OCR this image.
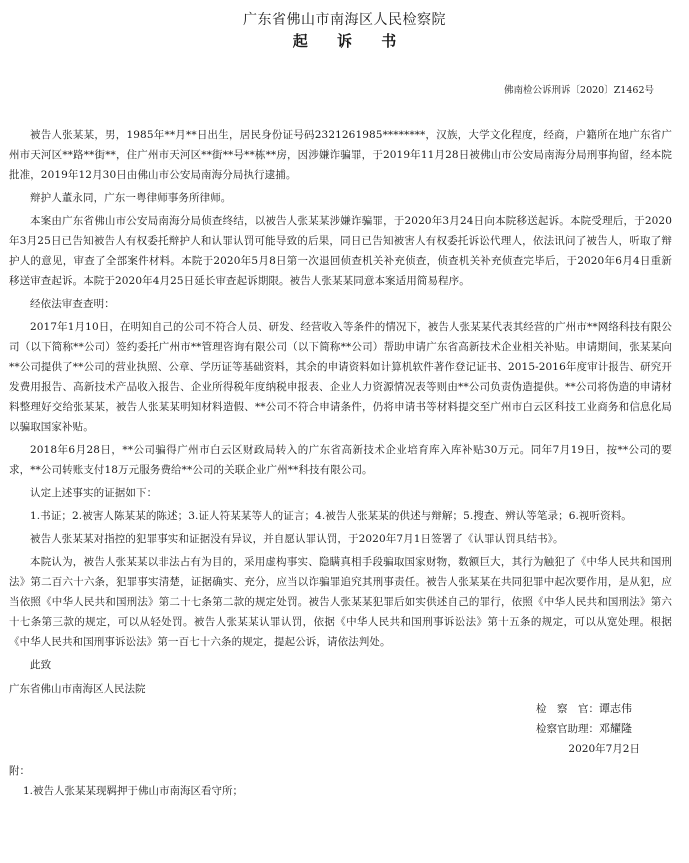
广东省佛山市南海区人民检察院
起 诉 书
佛南检公诉刑诉〔2020〕Z1462号

被告人张某某，男，1985年**月**日出生，居民身份证号码2321261985********，汉族，大学文化程度，经商，户籍所在地广东省广州市天河区**路**街**，住广州市天河区**街**号**栋**房，因涉嫌诈骗罪，于2019年11月28日被佛山市公安局南海分局刑事拘留，经本院批准，2019年12月30日由佛山市公安局南海分局执行逮捕。

辩护人董永同，广东一粤律师事务所律师。

本案由广东省佛山市公安局南海分局侦查终结，以被告人张某某涉嫌诈骗罪，于2020年3月24日向本院移送起诉。本院受理后，于2020年3月25日已告知被告人有权委托辩护人和认罪认罚可能导致的后果，同日已告知被害人有权委托诉讼代理人，依法讯问了被告人，听取了辩护人的意见，审查了全部案件材料。本院于2020年5月8日第一次退回侦查机关补充侦查，侦查机关补充侦查完毕后，于2020年6月4日重新移送审查起诉。本院于2020年4月25日延长审查起诉期限。被告人张某某同意本案适用简易程序。

经依法审查查明：

2017年1月10日，在明知自己的公司不符合人员、研发、经营收入等条件的情况下，被告人张某某代表其经营的广州市**网络科技有限公司（以下简称**公司）签约委托广州市**管理咨询有限公司（以下简称**公司）帮助申请广东省高新技术企业相关补贴。申请期间，张某某向**公司提供了**公司的营业执照、公章、学历证等基础资料，其余的申请资料如计算机软件著作登记证书、2015-2016年度审计报告、研究开发费用报告、高新技术产品收入报告、企业所得税年度纳税申报表、企业人力资源情况表等则由**公司负责伪造提供。**公司将伪造的申请材料整理好交给张某某，被告人张某某明知材料造假、**公司不符合申请条件，仍将申请书等材料提交至广州市白云区科技工业商务和信息化局以骗取国家补贴。

2018年6月28日，**公司骗得广州市白云区财政局转入的广东省高新技术企业培育库入库补贴30万元。同年7月19日，按**公司的要求，**公司转账支付18万元服务费给**公司的关联企业广州**科技有限公司。

认定上述事实的证据如下：

1.书证；2.被害人陈某某的陈述；3.证人符某某等人的证言；4.被告人张某某的供述与辩解；5.搜查、辨认等笔录；6.视听资料。

被告人张某某对指控的犯罪事实和证据没有异议，并自愿认罪认罚，于2020年7月1日签署了《认罪认罚具结书》。

本院认为，被告人张某某以非法占有为目的，采用虚构事实、隐瞒真相手段骗取国家财物，数额巨大，其行为触犯了《中华人民共和国刑法》第二百六十六条，犯罪事实清楚，证据确实、充分，应当以诈骗罪追究其刑事责任。被告人张某某在共同犯罪中起次要作用，是从犯，应当依照《中华人民共和国刑法》第二十七条第二款的规定处罚。被告人张某某犯罪后如实供述自己的罪行，依照《中华人民共和国刑法》第六十七条第三款的规定，可以从轻处罚。被告人张某某认罪认罚，依据《中华人民共和国刑事诉讼法》第十五条的规定，可以从宽处理。根据《中华人民共和国刑事诉讼法》第一百七十六条的规定，提起公诉，请依法判处。

此致

广东省佛山市南海区人民法院

检　察　官：谭志伟
检察官助理：邓耀隆
2020年7月2日
附：
1.被告人张某某现羁押于佛山市南海区看守所；
